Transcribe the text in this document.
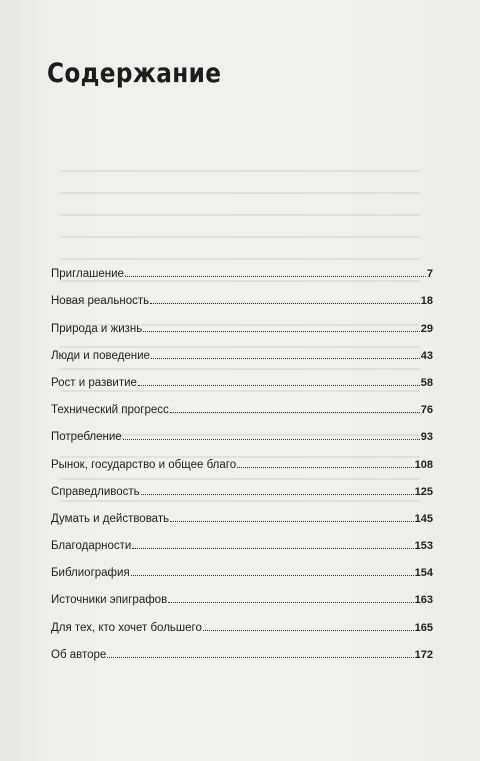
Содержание
Приглашение	7
Новая реальность	18
Природа и жизнь	29
Люди и поведение	43
Рост и развитие	58
Технический прогресс	76
Потребление	93
Рынок, государство и общее благо	108
Справедливость	125
Думать и действовать	145
Благодарности	153
Библиография	154
Источники эпиграфов	163
Для тех, кто хочет большего	165
Об авторе	172
